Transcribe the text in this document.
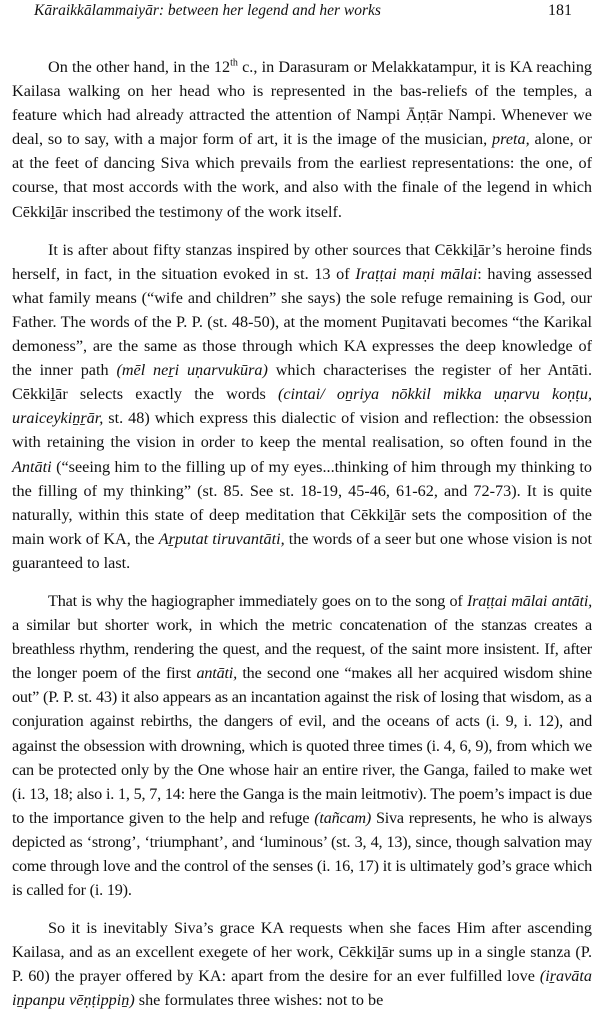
Kāraikkālammaiyār: between her legend and her works	181

On the other hand, in the 12th c., in Darasuram or Melakkatampur, it is KA reaching Kailasa walking on her head who is represented in the bas-reliefs of the temples, a feature which had already attracted the attention of Nampi Āṇṭār Nampi. Whenever we deal, so to say, with a major form of art, it is the image of the musician, preta, alone, or at the feet of dancing Siva which prevails from the earliest representations: the one, of course, that most accords with the work, and also with the finale of the legend in which Cēkkiḻār inscribed the testimony of the work itself.

It is after about fifty stanzas inspired by other sources that Cēkkiḻār’s heroine finds herself, in fact, in the situation evoked in st. 13 of Iraṭṭai maṇi mālai: having assessed what family means (“wife and children” she says) the sole refuge remaining is God, our Father. The words of the P. P. (st. 48-50), at the moment Puṉitavati becomes “the Karikal demoness”, are the same as those through which KA expresses the deep knowledge of the inner path (mēl neṟi uṇarvukūra) which characterises the register of her Antāti. Cēkkiḻār selects exactly the words (cintai/ oṉriya nōkkil mikka uṇarvu koṇṭu, uraiceykiṉṟār, st. 48) which express this dialectic of vision and reflection: the obsession with retaining the vision in order to keep the mental realisation, so often found in the Antāti (“seeing him to the filling up of my eyes...thinking of him through my thinking to the filling of my thinking” (st. 85. See st. 18-19, 45-46, 61-62, and 72-73). It is quite naturally, within this state of deep meditation that Cēkkiḻār sets the composition of the main work of KA, the Aṟputat tiruvantāti, the words of a seer but one whose vision is not guaranteed to last.

That is why the hagiographer immediately goes on to the song of Iraṭṭai mālai antāti, a similar but shorter work, in which the metric concatenation of the stanzas creates a breathless rhythm, rendering the quest, and the request, of the saint more insistent. If, after the longer poem of the first antāti, the second one “makes all her acquired wisdom shine out” (P. P. st. 43) it also appears as an incantation against the risk of losing that wisdom, as a conjuration against rebirths, the dangers of evil, and the oceans of acts (i. 9, i. 12), and against the obsession with drowning, which is quoted three times (i. 4, 6, 9), from which we can be protected only by the One whose hair an entire river, the Ganga, failed to make wet (i. 13, 18; also i. 1, 5, 7, 14: here the Ganga is the main leitmotiv). The poem’s impact is due to the importance given to the help and refuge (tañcam) Siva represents, he who is always depicted as ‘strong’, ‘triumphant’, and ‘luminous’ (st. 3, 4, 13), since, though salvation may come through love and the control of the senses (i. 16, 17) it is ultimately god’s grace which is called for (i. 19).

So it is inevitably Siva’s grace KA requests when she faces Him after ascending Kailasa, and as an excellent exegete of her work, Cēkkiḻār sums up in a single stanza (P. P. 60) the prayer offered by KA: apart from the desire for an ever fulfilled love (iṟavāta iṉpanpu vēṇṭippiṉ) she formulates three wishes: not to be
